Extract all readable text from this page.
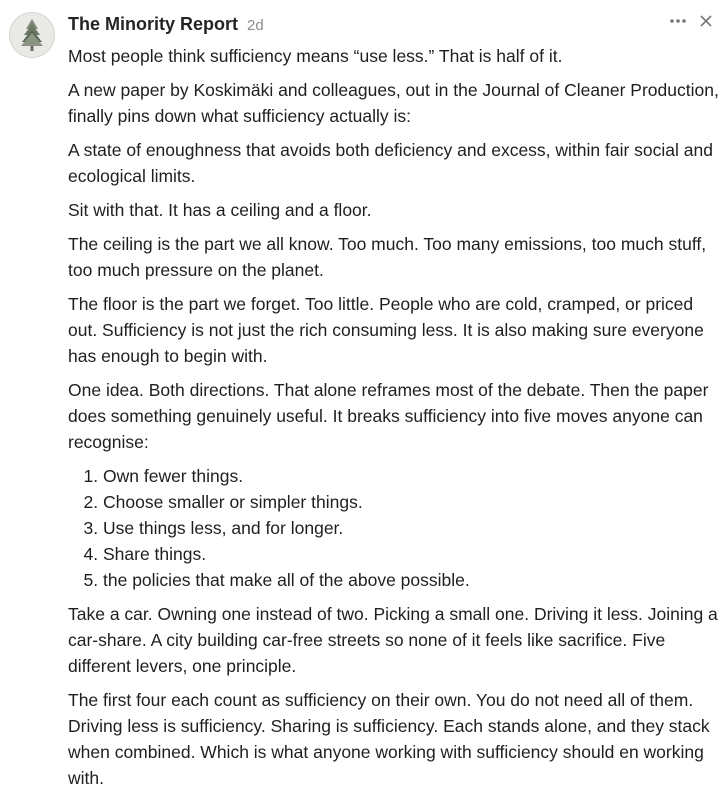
The Minority Report 2d

Most people think sufficiency means “use less.” That is half of it.

A new paper by Koskimäki and colleagues, out in the Journal of Cleaner Production, finally pins down what sufficiency actually is:

A state of enoughness that avoids both deficiency and excess, within fair social and ecological limits.

Sit with that. It has a ceiling and a floor.

The ceiling is the part we all know. Too much. Too many emissions, too much stuff, too much pressure on the planet.

The floor is the part we forget. Too little. People who are cold, cramped, or priced out. Sufficiency is not just the rich consuming less. It is also making sure everyone has enough to begin with.

One idea. Both directions. That alone reframes most of the debate. Then the paper does something genuinely useful. It breaks sufficiency into five moves anyone can recognise:

1. Own fewer things.
2. Choose smaller or simpler things.
3. Use things less, and for longer.
4. Share things.
5. the policies that make all of the above possible.

Take a car. Owning one instead of two. Picking a small one. Driving it less. Joining a car-share. A city building car-free streets so none of it feels like sacrifice. Five different levers, one principle.

The first four each count as sufficiency on their own. You do not need all of them. Driving less is sufficiency. Sharing is sufficiency. Each stands alone, and they stack when combined. Which is what anyone working with sufficiency should en working with.
